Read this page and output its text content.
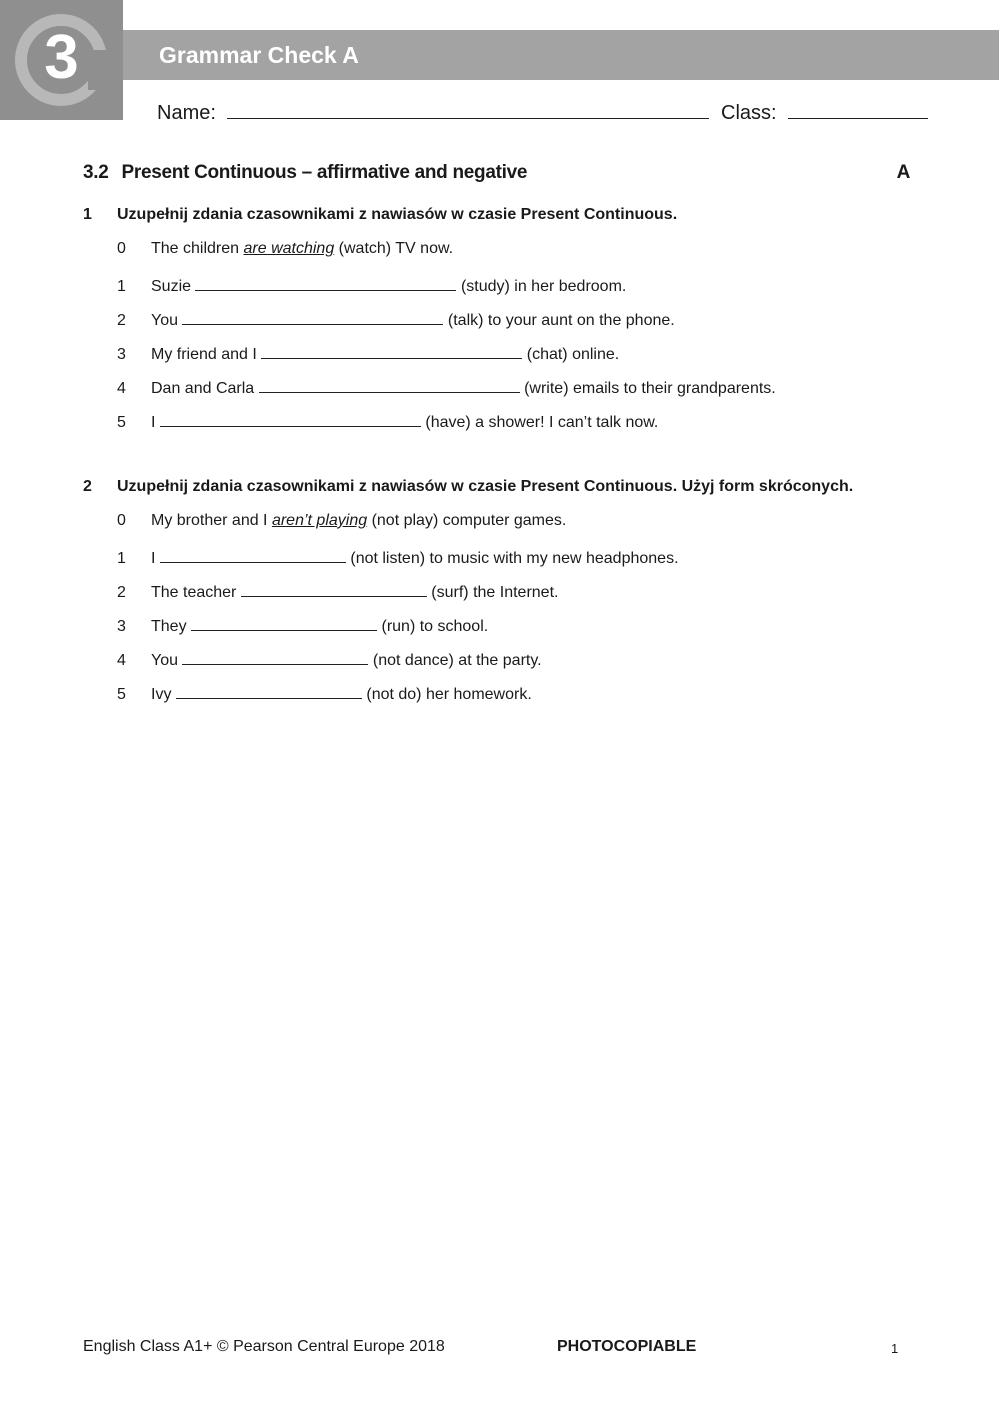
3	Grammar Check A
Name:	Class:
3.2 Present Continuous – affirmative and negative	A
1 Uzupełnij zdania czasownikami z nawiasów w czasie Present Continuous.
0 The children are watching (watch) TV now.
1 Suzie	(study) in her bedroom.
2 You	(talk) to your aunt on the phone.
3 My friend and I	(chat) online.
4 Dan and Carla	(write) emails to their grandparents.
5 I	(have) a shower! I can’t talk now.
2 Uzupełnij zdania czasownikami z nawiasów w czasie Present Continuous. Użyj form skróconych.
0 My brother and I aren’t playing (not play) computer games.
1 I	(not listen) to music with my new headphones.
2 The teacher	(surf) the Internet.
3 They	(run) to school.
4 You	(not dance) at the party.
5 Ivy	(not do) her homework.
English Class A1+ © Pearson Central Europe 2018	PHOTOCOPIABLE	1
